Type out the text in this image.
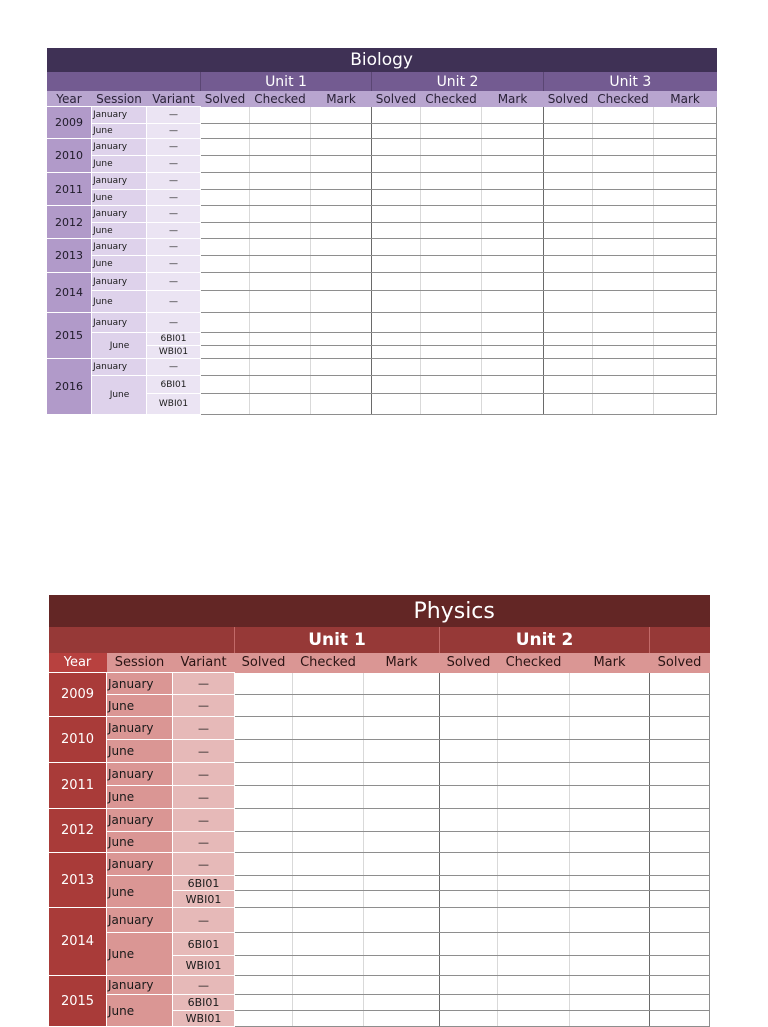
Biology											
			Unit 1			Unit 2			Unit 3		
Year	Session	Variant	Solved	Checked	Mark	Solved	Checked	Mark	Solved	Checked	Mark
2009	January	—									
	June	—									
2010	January	—									
	June	—									
2011	January	—									
	June	—									
2012	January	—									
	June	—									
2013	January	—									
	June	—									
2014	January	—									
	June	—									
2015	January	—									
	June	6BI01									
		WBI01									
2016	January	—									
	June	6BI01									
		WBI01									
Physics									
			Unit 1			Unit 2			
Year	Session	Variant	Solved	Checked	Mark	Solved	Checked	Mark	Solved
2009	January	—							
	June	—							
2010	January	—							
	June	—							
2011	January	—							
	June	—							
2012	January	—							
	June	—							
2013	January	—							
	June	6BI01							
		WBI01							
2014	January	—							
	June	6BI01							
		WBI01							
2015	January	—							
	June	6BI01							
		WBI01							
